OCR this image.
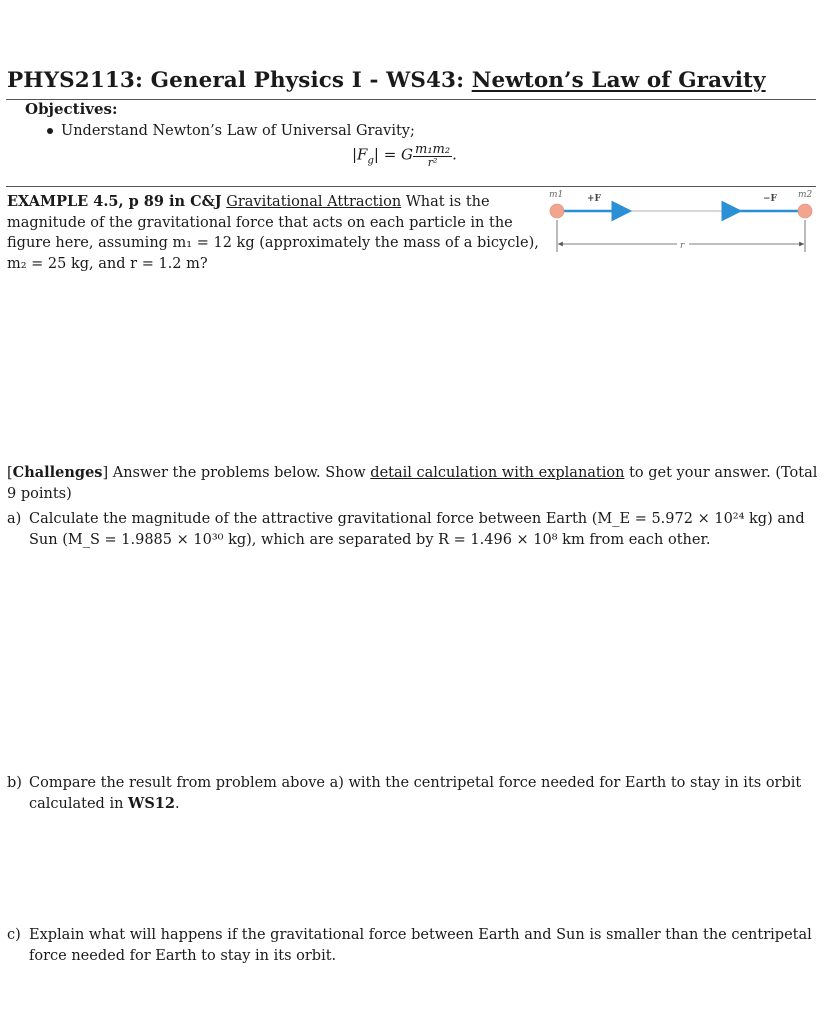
PHYS2113: General Physics I - WS43: Newton’s Law of Gravity
Objectives:
Understand Newton’s Law of Universal Gravity;
$|F_g| = G \frac{\text{m₁m₂}}{\text{r²}}$ .
EXAMPLE 4.5, p 89 in C&J Gravitational Attraction What is the magnitude of the gravitational force that acts on each particle in the figure here, assuming m₁ = 12 kg (approximately the mass of a bicycle), m₂ = 25 kg, and r = 1.2 m?
m1	m2
+F	−F
r
[Challenges] Answer the problems below. Show detail calculation with explanation to get your answer. (Total 9 points)
a) Calculate the magnitude of the attractive gravitational force between Earth (M_E = 5.972 × 10²⁴ kg) and Sun (M_S = 1.9885 × 10³⁰ kg), which are separated by R = 1.496 × 10⁸ km from each other.
b) Compare the result from problem above a) with the centripetal force needed for Earth to stay in its orbit calculated in WS12.
c) Explain what will happens if the gravitational force between Earth and Sun is smaller than the centripetal force needed for Earth to stay in its orbit.
